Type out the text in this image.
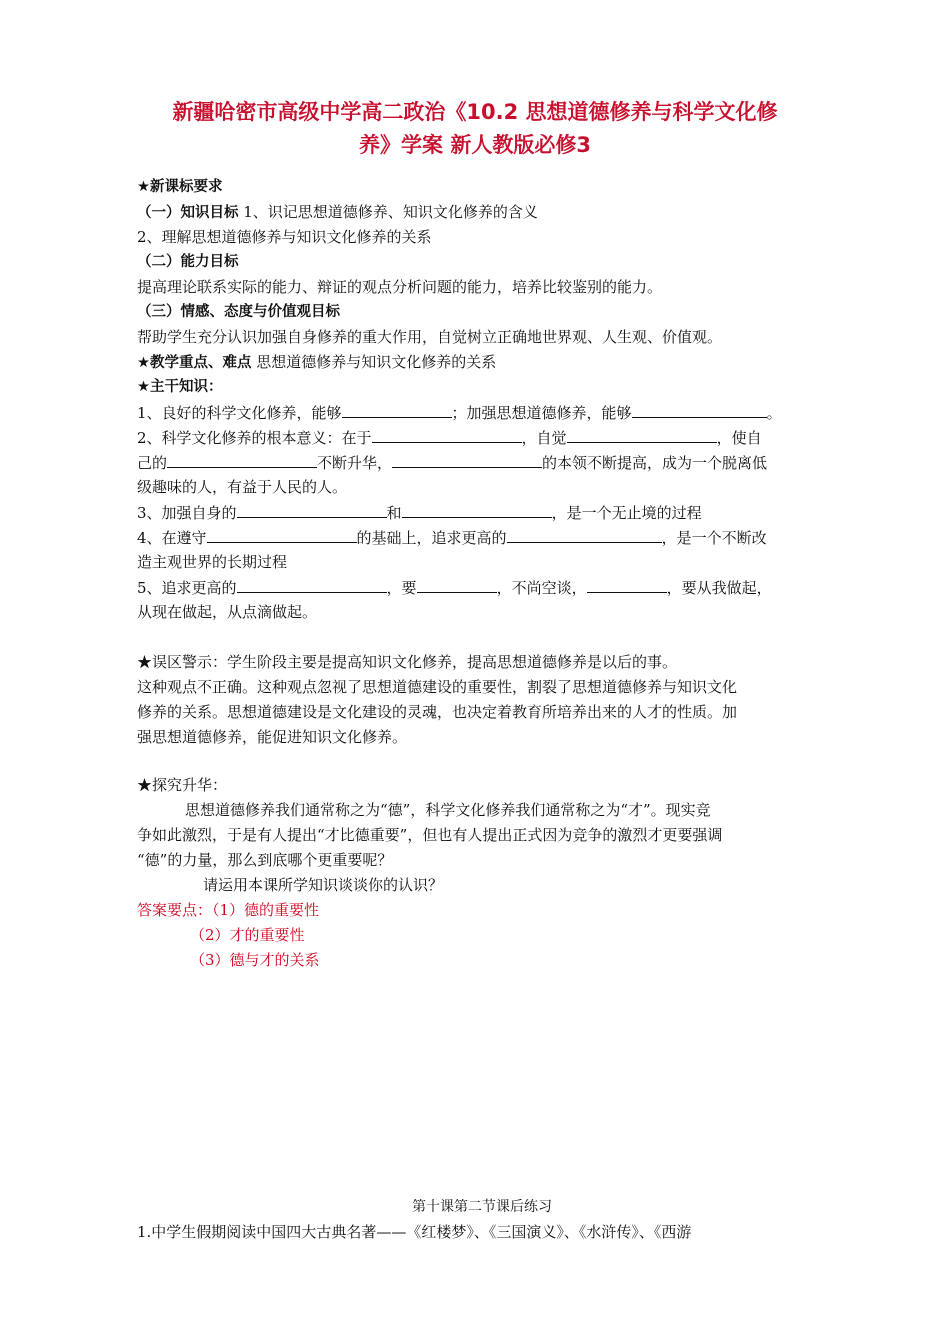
新疆哈密市高级中学高二政治《10.2 思想道德修养与科学文化修
养》学案 新人教版必修3
★新课标要求
（一）知识目标 1、识记思想道德修养、知识文化修养的含义
2、理解思想道德修养与知识文化修养的关系
（二）能力目标
提高理论联系实际的能力、辩证的观点分析问题的能力，培养比较鉴别的能力。
（三）情感、态度与价值观目标
帮助学生充分认识加强自身修养的重大作用，自觉树立正确地世界观、人生观、价值观。
★教学重点、难点 思想道德修养与知识文化修养的关系
★主干知识：
1、良好的科学文化修养，能够	；加强思想道德修养，能够	。
2、科学文化修养的根本意义：在于	，自觉	，使自
己的	不断升华，	的本领不断提高，成为一个脱离低
级趣味的人，有益于人民的人。
3、加强自身的	和	，是一个无止境的过程
4、在遵守	的基础上，追求更高的	，是一个不断改
造主观世界的长期过程
5、追求更高的	，要	，不尚空谈，	，要从我做起，
从现在做起，从点滴做起。
★误区警示：学生阶段主要是提高知识文化修养，提高思想道德修养是以后的事。
这种观点不正确。这种观点忽视了思想道德建设的重要性，割裂了思想道德修养与知识文化
修养的关系。思想道德建设是文化建设的灵魂，也决定着教育所培养出来的人才的性质。加
强思想道德修养，能促进知识文化修养。
★探究升华：
思想道德修养我们通常称之为“德”，科学文化修养我们通常称之为“才”。现实竞
争如此激烈，于是有人提出“才比德重要”，但也有人提出正式因为竞争的激烈才更要强调
“德”的力量，那么到底哪个更重要呢？
请运用本课所学知识谈谈你的认识？
答案要点：（1）德的重要性
（2）才的重要性
（3）德与才的关系
第十课第二节课后练习
1.中学生假期阅读中国四大古典名著——《红楼梦》、《三国演义》、《水浒传》、《西游
